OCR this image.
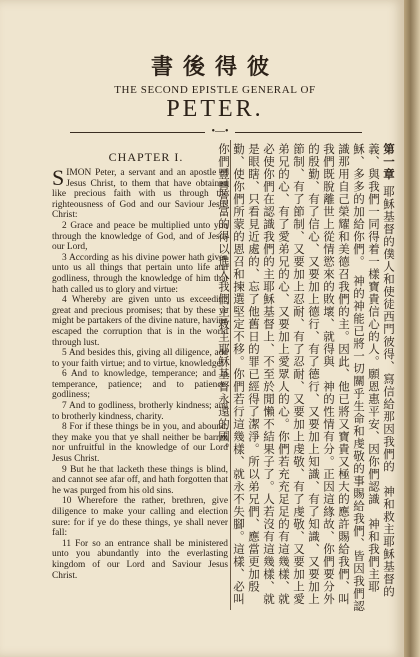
書後得彼
THE SECOND EPISTLE GENERAL OF
PETER.
•—•
CHAPTER I.

SIMON Peter, a servant and an apostle of Jesus Christ, to them that have obtained like precious faith with us through the righteousness of God and our Saviour Jesus Christ:

2 Grace and peace be multiplied unto you through the knowledge of God, and of Jesus our Lord,

3 According as his divine power hath given unto us all things that pertain unto life and godliness, through the knowledge of him that hath called us to glory and virtue:

4 Whereby are given unto us exceeding great and precious promises; that by these ye might be partakers of the divine nature, having escaped the corruption that is in the world through lust.

5 And besides this, giving all diligence, add to your faith virtue; and to virtue, knowledge;

6 And to knowledge, temperance; and to temperance, patience; and to patience, godliness;

7 And to godliness, brotherly kindness; and to brotherly kindness, charity.

8 For if these things be in you, and abound, they make you that ye shall neither be barren nor unfruitful in the knowledge of our Lord Jesus Christ.

9 But he that lacketh these things is blind, and cannot see afar off, and hath forgotten that he was purged from his old sins.

10 Wherefore the rather, brethren, give diligence to make your calling and election sure: for if ye do these things, ye shall never fall:

11 For so an entrance shall be ministered unto you abundantly into the everlasting kingdom of our Lord and Saviour Jesus Christ.

第一章 耶穌基督的僕人和使徒西門彼得、寫信給那因我們的　神和救主耶穌基督的義、與我們一同得着一樣寶貴信心的人。願恩惠平安、因你們認識　神和我們主耶穌、多多的加給你們。　神的神能已將一切關乎生命和虔敬的事賜給我們、皆因我們認識那用自己榮耀和美德召我們的主。因此、他已將又寶貴又極大的應許賜給我們、叫我們既脫離世上從情慾來的敗壞、就得與　神的性情有分。正因這緣故、你們要分外的殷勤、有了信心、又要加上德行、有了德行、又要加上知識、有了知識、又要加上節制、有了節制、又要加上忍耐、有了忍耐、又要加上虔敬、有了虔敬、又要加上愛弟兄的心、有了愛弟兄的心、又要加上愛眾人的心。你們若充充足足的有這幾樣、就必使你們在認識我們的主耶穌基督上、不至於閒懶不結果子了。人若沒有這幾樣、就是眼瞎、只看見近處的、忘了他舊日的罪已經得了潔淨。所以弟兄們、應當更加殷勤、使你們所蒙的恩召和揀選堅定不移。你們若行這幾樣、就永不失腳。這樣、必叫你們豐豐富富的得以進入我們主救主耶穌基督永遠的國。
